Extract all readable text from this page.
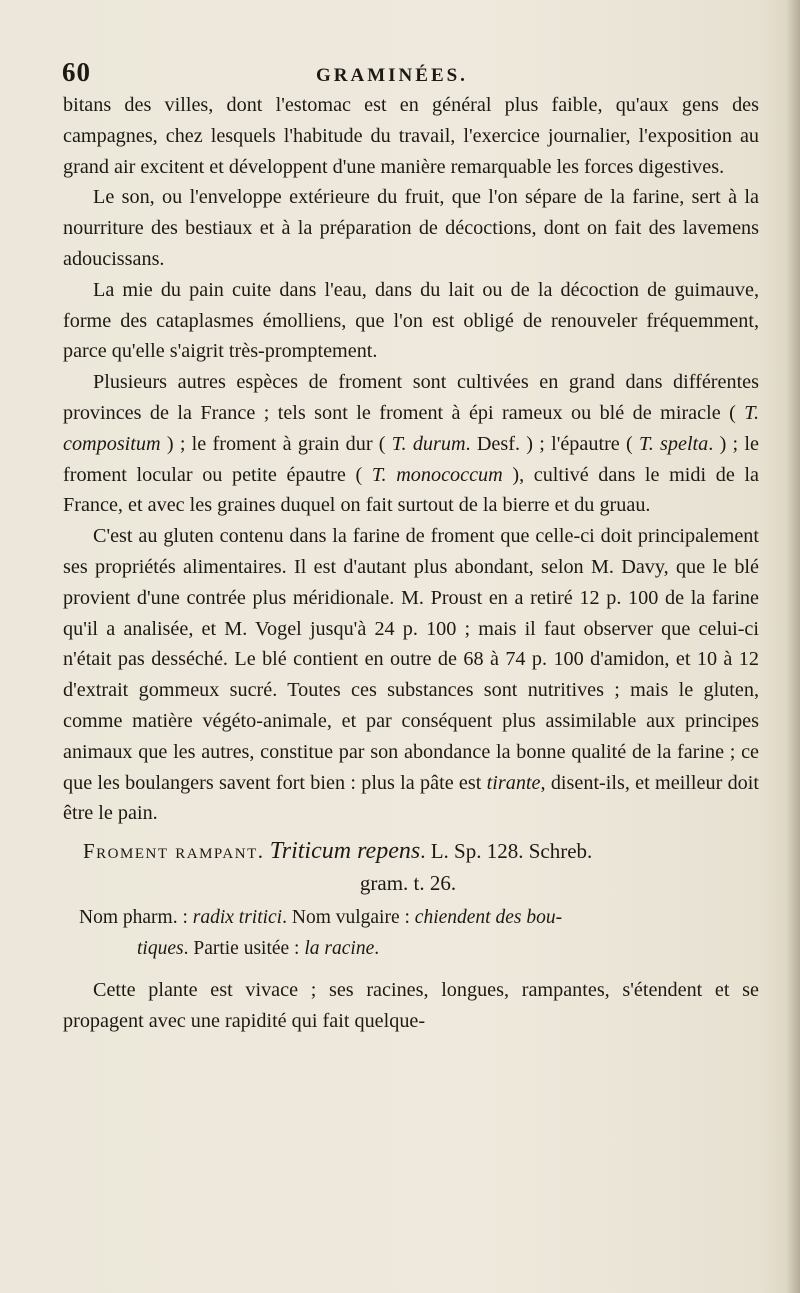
60	GRAMINÉES.

bitans des villes, dont l'estomac est en général plus faible, qu'aux gens des campagnes, chez lesquels l'habitude du travail, l'exercice journalier, l'exposition au grand air excitent et développent d'une manière remarquable les forces digestives.

Le son, ou l'enveloppe extérieure du fruit, que l'on sépare de la farine, sert à la nourriture des bestiaux et à la préparation de décoctions, dont on fait des lavemens adoucissans.

La mie du pain cuite dans l'eau, dans du lait ou de la décoction de guimauve, forme des cataplasmes émolliens, que l'on est obligé de renouveler fréquemment, parce qu'elle s'aigrit très-promptement.

Plusieurs autres espèces de froment sont cultivées en grand dans différentes provinces de la France ; tels sont le froment à épi rameux ou blé de miracle ( T. compositum ) ; le froment à grain dur ( T. durum. Desf. ) ; l'épautre ( T. spelta. ) ; le froment locular ou petite épautre ( T. monococcum ), cultivé dans le midi de la France, et avec les graines duquel on fait surtout de la bierre et du gruau.

C'est au gluten contenu dans la farine de froment que celle-ci doit principalement ses propriétés alimentaires. Il est d'autant plus abondant, selon M. Davy, que le blé provient d'une contrée plus méridionale. M. Proust en a retiré 12 p. 100 de la farine qu'il a analisée, et M. Vogel jusqu'à 24 p. 100 ; mais il faut observer que celui-ci n'était pas desséché. Le blé contient en outre de 68 à 74 p. 100 d'amidon, et 10 à 12 d'extrait gommeux sucré. Toutes ces substances sont nutritives ; mais le gluten, comme matière végéto-animale, et par conséquent plus assimilable aux principes animaux que les autres, constitue par son abondance la bonne qualité de la farine ; ce que les boulangers savent fort bien : plus la pâte est tirante, disent-ils, et meilleur doit être le pain.

Froment rampant. Triticum repens. L. Sp. 128. Schreb.
gram. t. 26.

Nom pharm. : radix tritici. Nom vulgaire : chiendent des bou-
tiques. Partie usitée : la racine.

Cette plante est vivace ; ses racines, longues, rampantes, s'étendent et se propagent avec une rapidité qui fait quelque-
